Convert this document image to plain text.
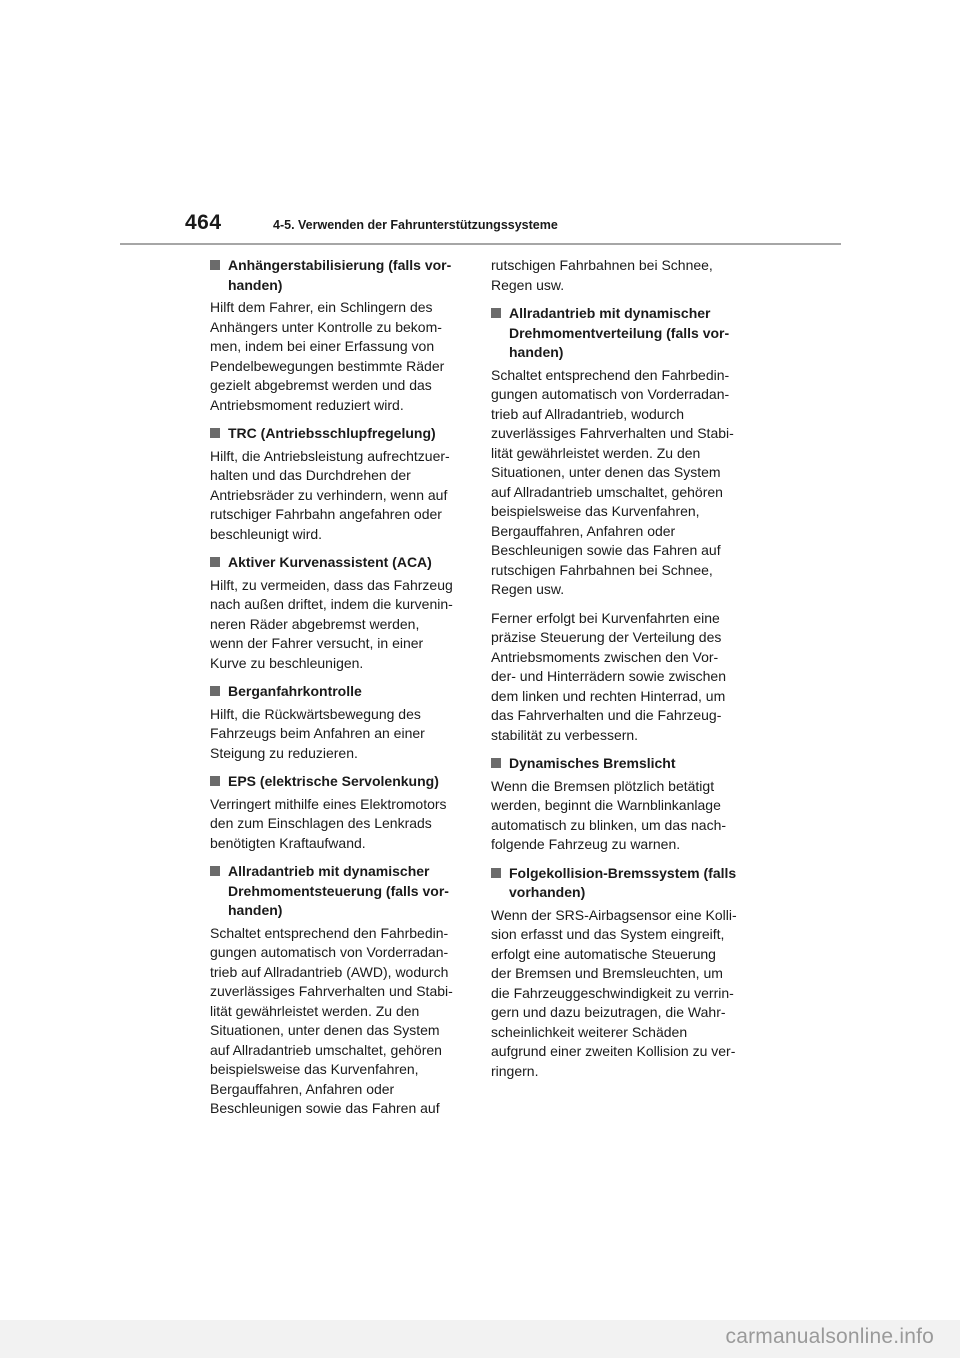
464	4-5. Verwenden der Fahrunterstützungssysteme
Anhängerstabilisierung (falls vor-
handen)
Hilft dem Fahrer, ein Schlingern des
Anhängers unter Kontrolle zu bekom-
men, indem bei einer Erfassung von
Pendelbewegungen bestimmte Räder
gezielt abgebremst werden und das
Antriebsmoment reduziert wird.
TRC (Antriebsschlupfregelung)
Hilft, die Antriebsleistung aufrechtzuer-
halten und das Durchdrehen der
Antriebsräder zu verhindern, wenn auf
rutschiger Fahrbahn angefahren oder
beschleunigt wird.
Aktiver Kurvenassistent (ACA)
Hilft, zu vermeiden, dass das Fahrzeug
nach außen driftet, indem die kurvenin-
neren Räder abgebremst werden,
wenn der Fahrer versucht, in einer
Kurve zu beschleunigen.
Berganfahrkontrolle
Hilft, die Rückwärtsbewegung des
Fahrzeugs beim Anfahren an einer
Steigung zu reduzieren.
EPS (elektrische Servolenkung)
Verringert mithilfe eines Elektromotors
den zum Einschlagen des Lenkrads
benötigten Kraftaufwand.
Allradantrieb mit dynamischer
Drehmomentsteuerung (falls vor-
handen)
Schaltet entsprechend den Fahrbedin-
gungen automatisch von Vorderradan-
trieb auf Allradantrieb (AWD), wodurch
zuverlässiges Fahrverhalten und Stabi-
lität gewährleistet werden. Zu den
Situationen, unter denen das System
auf Allradantrieb umschaltet, gehören
beispielsweise das Kurvenfahren,
Bergauffahren, Anfahren oder
Beschleunigen sowie das Fahren auf
rutschigen Fahrbahnen bei Schnee,
Regen usw.
Allradantrieb mit dynamischer
Drehmomentverteilung (falls vor-
handen)
Schaltet entsprechend den Fahrbedin-
gungen automatisch von Vorderradan-
trieb auf Allradantrieb, wodurch
zuverlässiges Fahrverhalten und Stabi-
lität gewährleistet werden. Zu den
Situationen, unter denen das System
auf Allradantrieb umschaltet, gehören
beispielsweise das Kurvenfahren,
Bergauffahren, Anfahren oder
Beschleunigen sowie das Fahren auf
rutschigen Fahrbahnen bei Schnee,
Regen usw.
Ferner erfolgt bei Kurvenfahrten eine
präzise Steuerung der Verteilung des
Antriebsmoments zwischen den Vor-
der- und Hinterrädern sowie zwischen
dem linken und rechten Hinterrad, um
das Fahrverhalten und die Fahrzeug-
stabilität zu verbessern.
Dynamisches Bremslicht
Wenn die Bremsen plötzlich betätigt
werden, beginnt die Warnblinkanlage
automatisch zu blinken, um das nach-
folgende Fahrzeug zu warnen.
Folgekollision-Bremssystem (falls
vorhanden)
Wenn der SRS-Airbagsensor eine Kolli-
sion erfasst und das System eingreift,
erfolgt eine automatische Steuerung
der Bremsen und Bremsleuchten, um
die Fahrzeuggeschwindigkeit zu verrin-
gern und dazu beizutragen, die Wahr-
scheinlichkeit weiterer Schäden
aufgrund einer zweiten Kollision zu ver-
ringern.
carmanualsonline.info
